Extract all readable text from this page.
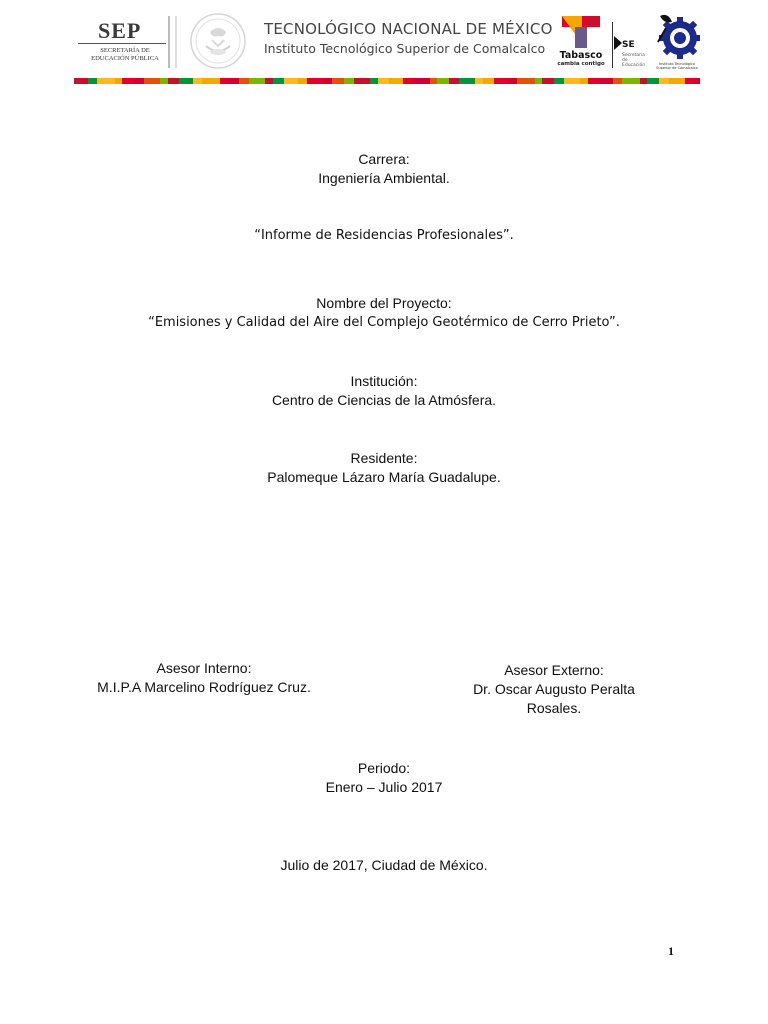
SEP
SECRETARÍA DE
EDUCACIÓN PÚBLICA
TECNOLÓGICO NACIONAL DE MÉXICO
Instituto Tecnológico Superior de Comalcalco	Tabasco
cambia contigo
SE
Secretaría de
Educación	Instituto Tecnológico Superior de Comalcalco
Carrera:
Ingeniería Ambiental.
“Informe de Residencias Profesionales”.
Nombre del Proyecto:
“Emisiones y Calidad del Aire del Complejo Geotérmico de Cerro Prieto”.
Institución:
Centro de Ciencias de la Atmósfera.
Residente:
Palomeque Lázaro María Guadalupe.
Asesor Interno:
M.I.P.A Marcelino Rodríguez Cruz.
Asesor Externo:
Dr. Oscar Augusto Peralta
Rosales.
Periodo:
Enero – Julio 2017
Julio de 2017, Ciudad de México.
1
